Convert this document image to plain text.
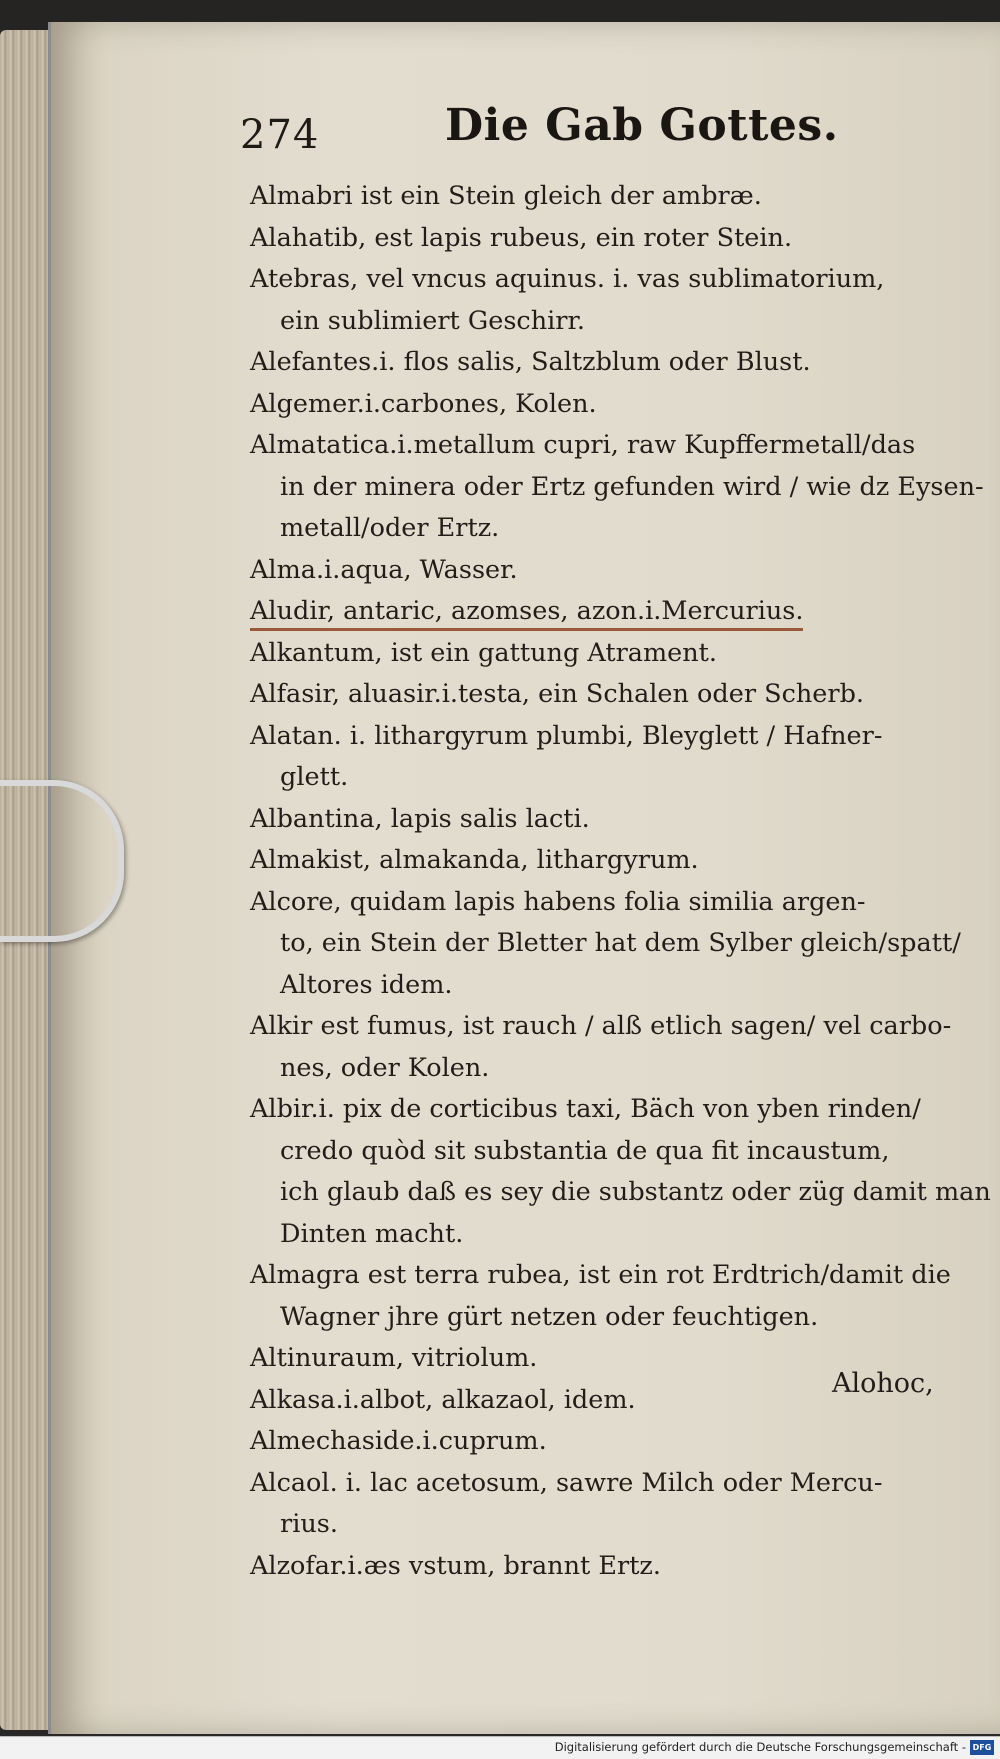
274	Die Gab Gottes.
Almabri ist ein Stein gleich der ambræ.
Alahatib, est lapis rubeus, ein roter Stein.
Atebras, vel vncus aquinus. i. vas sublimatorium,
ein sublimiert Geschirr.
Alefantes.i. flos salis, Saltzblum oder Blust.
Algemer.i.carbones, Kolen.
Almatatica.i.metallum cupri, raw Kupffermetall/das
in der minera oder Ertz gefunden wird / wie dz Eysen-
metall/oder Ertz.
Alma.i.aqua, Wasser.
Aludir, antaric, azomses, azon.i.Mercurius.
Alkantum, ist ein gattung Atrament.
Alfasir, aluasir.i.testa, ein Schalen oder Scherb.
Alatan. i. lithargyrum plumbi, Bleyglett / Hafner-
glett.
Albantina, lapis salis lacti.
Almakist, almakanda, lithargyrum.
Alcore, quidam lapis habens folia similia argen-
to, ein Stein der Bletter hat dem Sylber gleich/spatt/
Altores idem.
Alkir est fumus, ist rauch / alß etlich sagen/ vel carbo-
nes, oder Kolen.
Albir.i. pix de corticibus taxi, Bäch von yben rinden/
credo quòd sit substantia de qua fit incaustum,
ich glaub daß es sey die substantz oder züg damit man
Dinten macht.
Almagra est terra rubea, ist ein rot Erdtrich/damit die
Wagner jhre gürt netzen oder feuchtigen.
Altinuraum, vitriolum.
Alkasa.i.albot, alkazaol, idem.
Almechaside.i.cuprum.
Alcaol. i. lac acetosum, sawre Milch oder Mercu-
rius.
Alzofar.i.æs vstum, brannt Ertz.
Alohoc,
Digitalisierung gefördert durch die Deutsche Forschungsgemeinschaft - DFG
